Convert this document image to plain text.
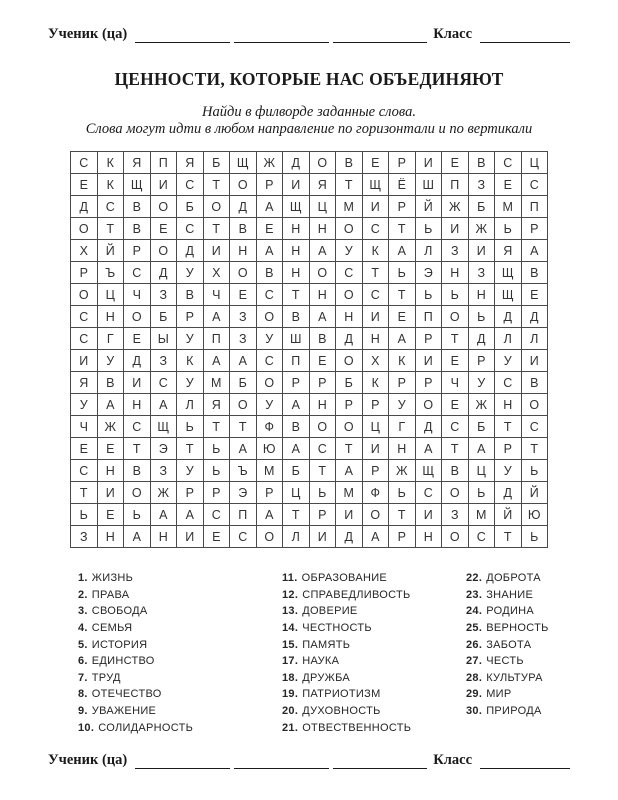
Ученик (ца)	Класс
ЦЕННОСТИ, КОТОРЫЕ НАС ОБЪЕДИНЯЮТ
Найди в филворде заданные слова.
Слова могут идти в любом направление по горизонтали и по вертикали
С	К	Я	П	Я	Б	Щ	Ж	Д	О	В	Е	Р	И	Е	В	С	Ц
Е	К	Щ	И	С	Т	О	Р	И	Я	Т	Щ	Ё	Ш	П	З	Е	С
Д	С	В	О	Б	О	Д	А	Щ	Ц	М	И	Р	Й	Ж	Б	М	П
О	Т	В	Е	С	Т	В	Е	Н	Н	О	С	Т	Ь	И	Ж	Ь	Р
Х	Й	Р	О	Д	И	Н	А	Н	А	У	К	А	Л	З	И	Я	А
Р	Ъ	С	Д	У	Х	О	В	Н	О	С	Т	Ь	Э	Н	З	Щ	В
О	Ц	Ч	З	В	Ч	Е	С	Т	Н	О	С	Т	Ь	Ь	Н	Щ	Е
С	Н	О	Б	Р	А	З	О	В	А	Н	И	Е	П	О	Ь	Д	Д
С	Г	Е	Ы	У	П	З	У	Ш	В	Д	Н	А	Р	Т	Д	Л	Л
И	У	Д	З	К	А	А	С	П	Е	О	Х	К	И	Е	Р	У	И
Я	В	И	С	У	М	Б	О	Р	Р	Б	К	Р	Р	Ч	У	С	В
У	А	Н	А	Л	Я	О	У	А	Н	Р	Р	У	О	Е	Ж	Н	О
Ч	Ж	С	Щ	Ь	Т	Т	Ф	В	О	О	Ц	Г	Д	С	Б	Т	С
Е	Е	Т	Э	Т	Ь	А	Ю	А	С	Т	И	Н	А	Т	А	Р	Т
С	Н	В	З	У	Ь	Ъ	М	Б	Т	А	Р	Ж	Щ	В	Ц	У	Ь
Т	И	О	Ж	Р	Р	Э	Р	Ц	Ь	М	Ф	Ь	С	О	Ь	Д	Й
Ь	Е	Ь	А	А	С	П	А	Т	Р	И	О	Т	И	З	М	Й	Ю
З	Н	А	Н	И	Е	С	О	Л	И	Д	А	Р	Н	О	С	Т	Ь
1. ЖИЗНЬ
2. ПРАВА
3. СВОБОДА
4. СЕМЬЯ
5. ИСТОРИЯ
6. ЕДИНСТВО
7. ТРУД
8. ОТЕЧЕСТВО
9. УВАЖЕНИЕ
10. СОЛИДАРНОСТЬ
11. ОБРАЗОВАНИЕ
12. СПРАВЕДЛИВОСТЬ
13. ДОВЕРИЕ
14. ЧЕСТНОСТЬ
15. ПАМЯТЬ
17. НАУКА
18. ДРУЖБА
19. ПАТРИОТИЗМ
20. ДУХОВНОСТЬ
21. ОТВЕСТВЕННОСТЬ
22. ДОБРОТА
23. ЗНАНИЕ
24. РОДИНА
25. ВЕРНОСТЬ
26. ЗАБОТА
27. ЧЕСТЬ
28. КУЛЬТУРА
29. МИР
30. ПРИРОДА
Ученик (ца)	Класс
